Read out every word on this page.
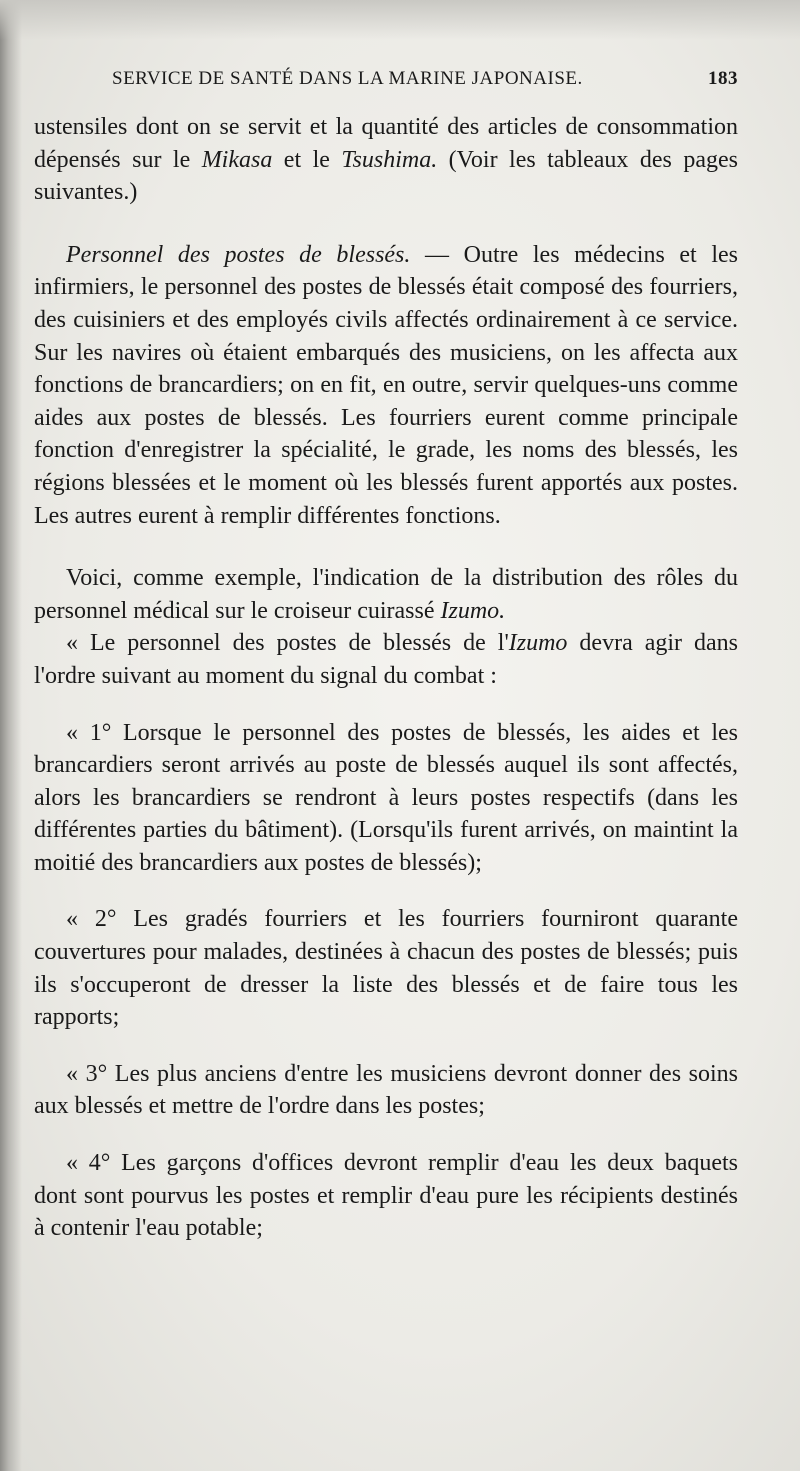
SERVICE DE SANTÉ DANS LA MARINE JAPONAISE.	183

ustensiles dont on se servit et la quantité des articles de consommation dépensés sur le Mikasa et le Tsushima. (Voir les tableaux des pages suivantes.)

Personnel des postes de blessés. — Outre les médecins et les infirmiers, le personnel des postes de blessés était composé des fourriers, des cuisiniers et des employés civils affectés ordinairement à ce service. Sur les navires où étaient embarqués des musiciens, on les affecta aux fonctions de brancardiers; on en fit, en outre, servir quelques-uns comme aides aux postes de blessés. Les fourriers eurent comme principale fonction d'enregistrer la spécialité, le grade, les noms des blessés, les régions blessées et le moment où les blessés furent apportés aux postes. Les autres eurent à remplir différentes fonctions.

Voici, comme exemple, l'indication de la distribution des rôles du personnel médical sur le croiseur cuirassé Izumo.

« Le personnel des postes de blessés de l'Izumo devra agir dans l'ordre suivant au moment du signal du combat :

« 1° Lorsque le personnel des postes de blessés, les aides et les brancardiers seront arrivés au poste de blessés auquel ils sont affectés, alors les brancardiers se rendront à leurs postes respectifs (dans les différentes parties du bâtiment). (Lorsqu'ils furent arrivés, on maintint la moitié des brancardiers aux postes de blessés);

« 2° Les gradés fourriers et les fourriers fourniront quarante couvertures pour malades, destinées à chacun des postes de blessés; puis ils s'occuperont de dresser la liste des blessés et de faire tous les rapports;

« 3° Les plus anciens d'entre les musiciens devront donner des soins aux blessés et mettre de l'ordre dans les postes;

« 4° Les garçons d'offices devront remplir d'eau les deux baquets dont sont pourvus les postes et remplir d'eau pure les récipients destinés à contenir l'eau potable;
